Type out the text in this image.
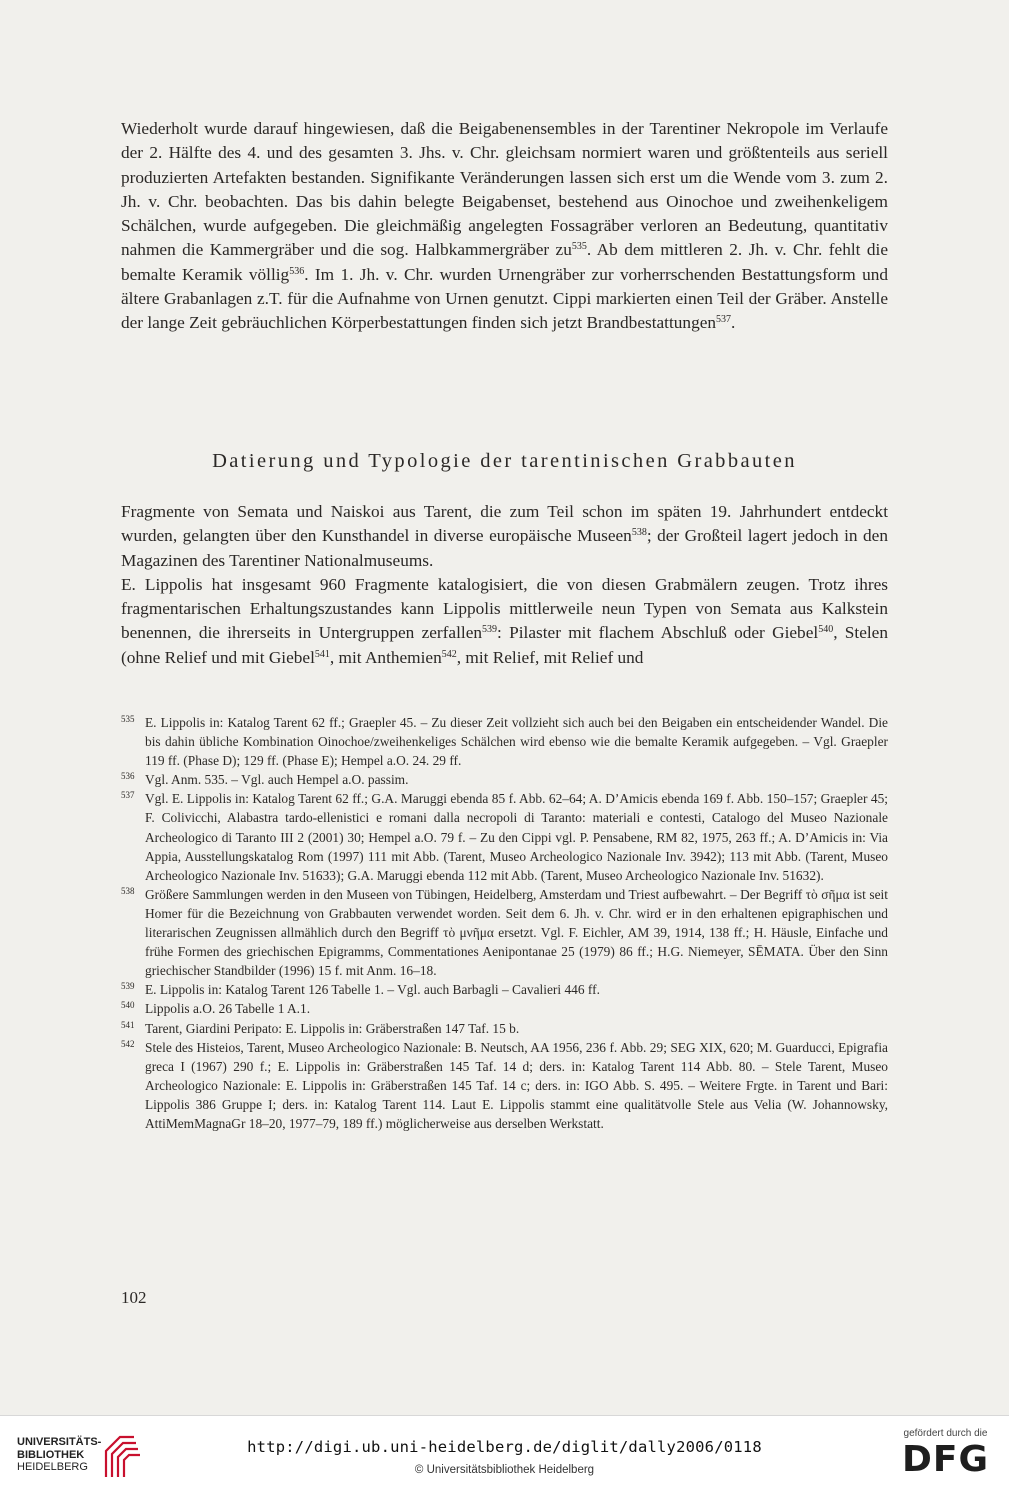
Wiederholt wurde darauf hingewiesen, daß die Beigabenensembles in der Tarentiner Nekropole im Verlaufe der 2. Hälfte des 4. und des gesamten 3. Jhs. v. Chr. gleichsam normiert waren und größtenteils aus seriell produzierten Artefakten bestanden. Signifikante Veränderungen lassen sich erst um die Wende vom 3. zum 2. Jh. v. Chr. beobachten. Das bis dahin belegte Beigabenset, bestehend aus Oinochoe und zweihenkeligem Schälchen, wurde aufgegeben. Die gleichmäßig angelegten Fossagräber verloren an Bedeutung, quantitativ nahmen die Kammergräber und die sog. Halbkammergräber $zu^{535}$. Ab dem mittleren 2. Jh. v. Chr. fehlt die bemalte Keramik völlig$^{536}$. Im 1. Jh. v. Chr. wurden Urnengräber zur vorherrschenden Bestattungsform und ältere Grabanlagen z.T. für die Aufnahme von Urnen genutzt. Cippi markierten einen Teil der Gräber. Anstelle der lange Zeit gebräuchlichen Körperbestattungen finden sich jetzt Brandbestattungen$^{537}$.

Datierung und Typologie der tarentinischen Grabbauten

Fragmente von Semata und Naiskoi aus Tarent, die zum Teil schon im späten 19. Jahrhundert entdeckt wurden, gelangten über den Kunsthandel in diverse europäische Museen$^{538}$; der Großteil lagert jedoch in den Magazinen des Tarentiner Nationalmuseums.

E. Lippolis hat insgesamt 960 Fragmente katalogisiert, die von diesen Grabmälern zeugen. Trotz ihres fragmentarischen Erhaltungszustandes kann Lippolis mittlerweile neun Typen von Semata aus Kalkstein benennen, die ihrerseits in Untergruppen zerfallen$^{539}$: Pilaster mit flachem Abschluß oder Giebel$^{540}$, Stelen (ohne Relief und mit Giebel$^{541}$, mit Anthemien$^{542}$, mit Relief, mit Relief und

535 E. Lippolis in: Katalog Tarent 62 ff.; Graepler 45. – Zu dieser Zeit vollzieht sich auch bei den Beigaben ein entscheidender Wandel. Die bis dahin übliche Kombination Oinochoe/zweihenkeliges Schälchen wird ebenso wie die bemalte Keramik aufgegeben. – Vgl. Graepler 119 ff. (Phase D); 129 ff. (Phase E); Hempel a.O. 24. 29 ff.

536 Vgl. Anm. 535. – Vgl. auch Hempel a.O. passim.

537 Vgl. E. Lippolis in: Katalog Tarent 62 ff.; G.A. Maruggi ebenda 85 f. Abb. 62–64; A. D’Amicis ebenda 169 f. Abb. 150–157; Graepler 45; F. Colivicchi, Alabastra tardo-ellenistici e romani dalla necropoli di Taranto: materiali e contesti, Catalogo del Museo Nazionale Archeologico di Taranto III 2 (2001) 30; Hempel a.O. 79 f. – Zu den Cippi vgl. P. Pensabene, RM 82, 1975, 263 ff.; A. D’Amicis in: Via Appia, Ausstellungskatalog Rom (1997) 111 mit Abb. (Tarent, Museo Archeologico Nazionale Inv. 3942); 113 mit Abb. (Tarent, Museo Archeologico Nazionale Inv. 51633); G.A. Maruggi ebenda 112 mit Abb. (Tarent, Museo Archeologico Nazionale Inv. 51632).

538 Größere Sammlungen werden in den Museen von Tübingen, Heidelberg, Amsterdam und Triest aufbewahrt. – Der Begriff τὸ σῆμα ist seit Homer für die Bezeichnung von Grabbauten verwendet worden. Seit dem 6. Jh. v. Chr. wird er in den erhaltenen epigraphischen und literarischen Zeugnissen allmählich durch den Begriff τὸ μνῆμα ersetzt. Vgl. F. Eichler, AM 39, 1914, 138 ff.; H. Häusle, Einfache und frühe Formen des griechischen Epigramms, Commentationes Aenipontanae 25 (1979) 86 ff.; H.G. Niemeyer, SĒMATA. Über den Sinn griechischer Standbilder (1996) 15 f. mit Anm. 16–18.

539 E. Lippolis in: Katalog Tarent 126 Tabelle 1. – Vgl. auch Barbagli – Cavalieri 446 ff.

540 Lippolis a.O. 26 Tabelle 1 A.1.

541 Tarent, Giardini Peripato: E. Lippolis in: Gräberstraßen 147 Taf. 15 b.

542 Stele des Histeios, Tarent, Museo Archeologico Nazionale: B. Neutsch, AA 1956, 236 f. Abb. 29; SEG XIX, 620; M. Guarducci, Epigrafia greca I (1967) 290 f.; E. Lippolis in: Gräberstraßen 145 Taf. 14 d; ders. in: Katalog Tarent 114 Abb. 80. – Stele Tarent, Museo Archeologico Nazionale: E. Lippolis in: Gräberstraßen 145 Taf. 14 c; ders. in: IGO Abb. S. 495. – Weitere Frgte. in Tarent und Bari: Lippolis 386 Gruppe I; ders. in: Katalog Tarent 114. Laut E. Lippolis stammt eine qualitätvolle Stele aus Velia (W. Johannowsky, AttiMemMagnaGr 18–20, 1977–79, 189 ff.) möglicherweise aus derselben Werkstatt.

102
UNIVERSITÄTS-
BIBLIOTHEK
HEIDELBERG
http://digi.ub.uni-heidelberg.de/diglit/dally2006/0118
© Universitätsbibliothek Heidelberg
gefördert durch die
DFG
